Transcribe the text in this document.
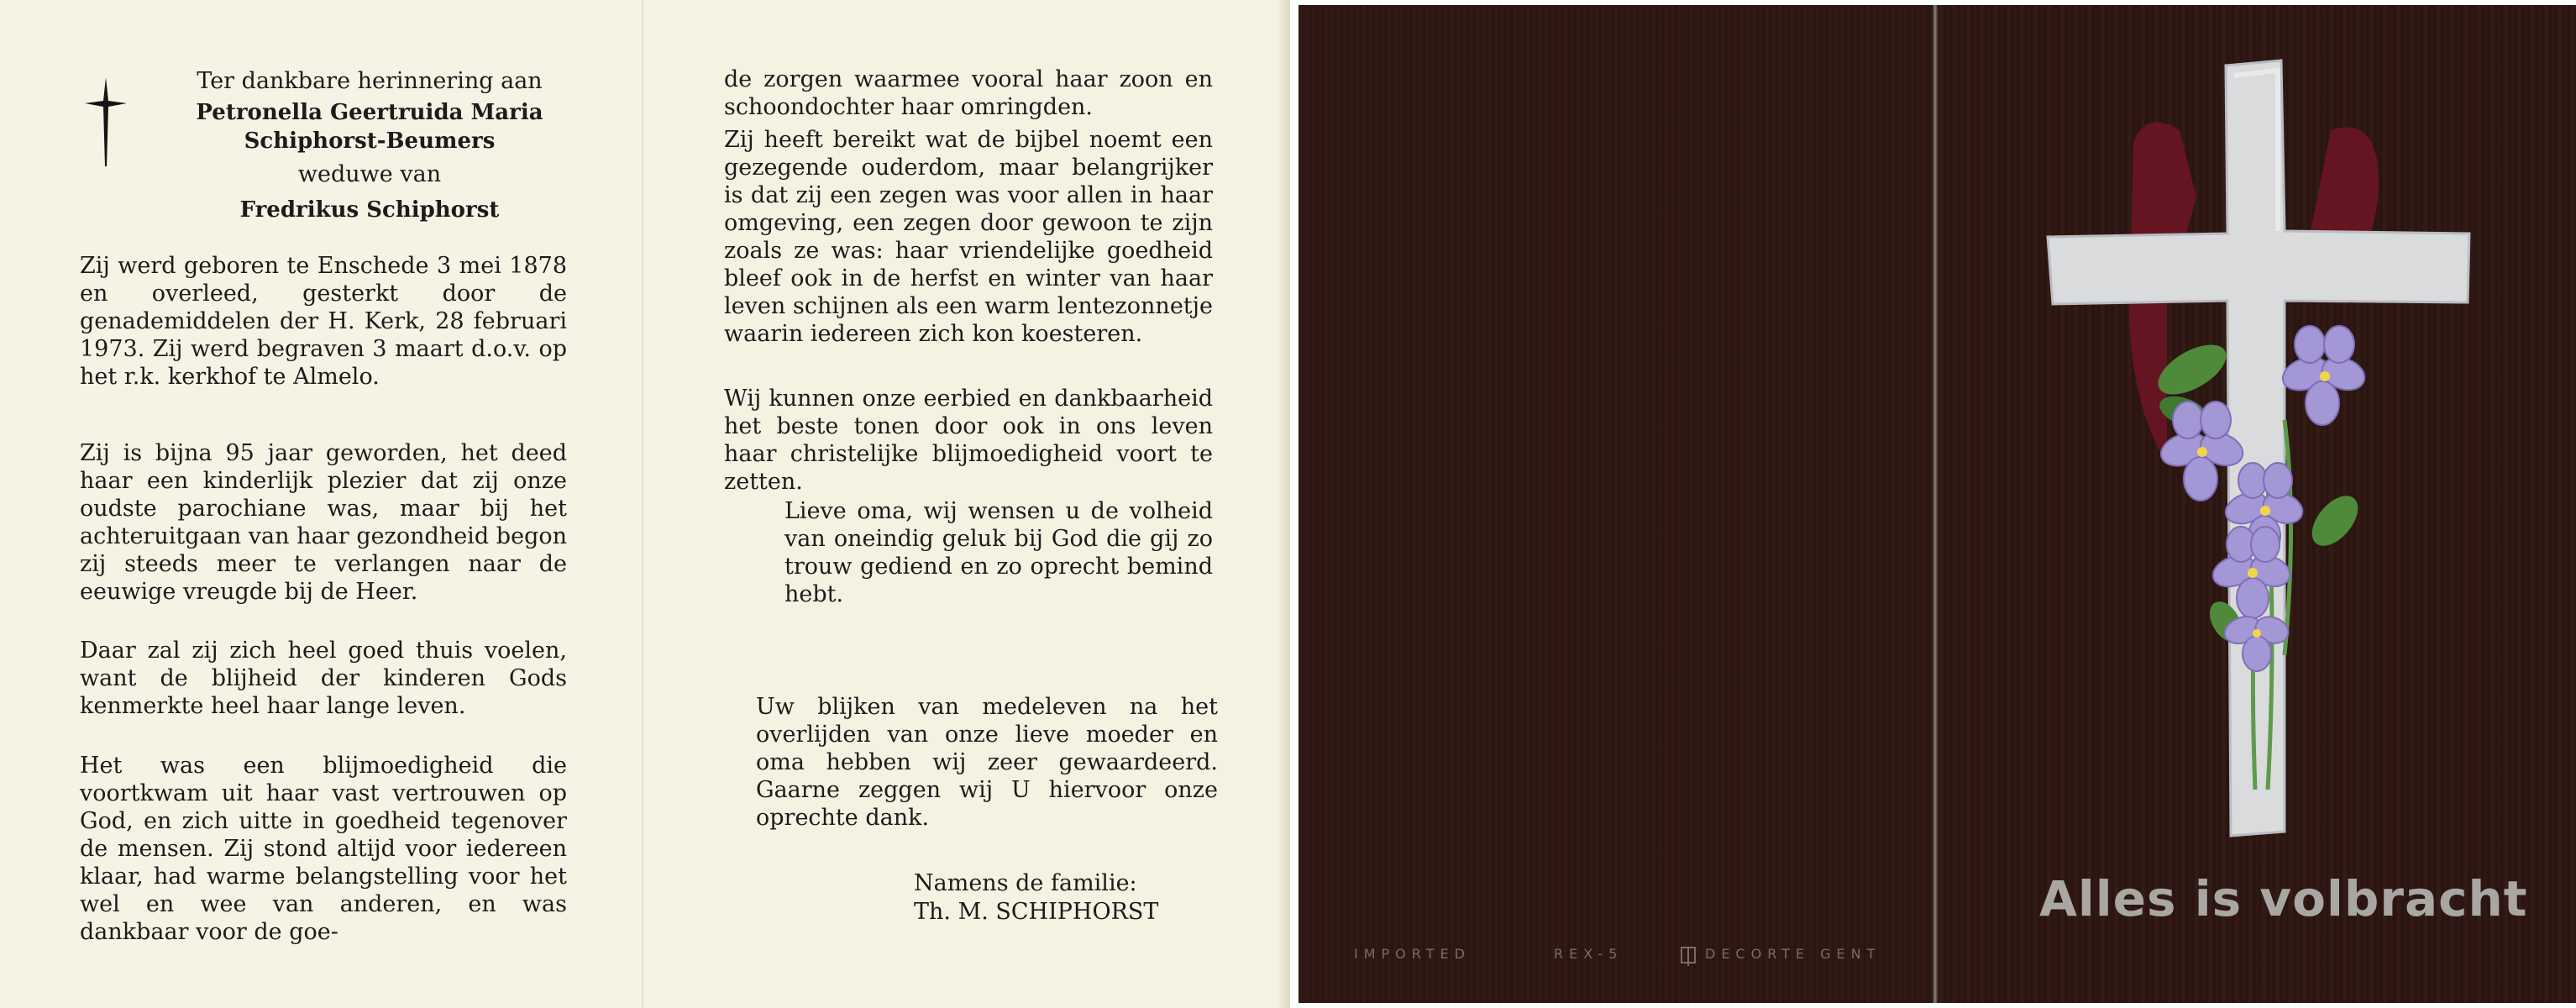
Ter dankbare herinnering aan

Petronella Geertruida Maria

Schiphorst-Beumers

weduwe van

Fredrikus Schiphorst

Zij werd geboren te Enschede 3 mei 1878 en overleed, gesterkt door de genademiddelen der H. Kerk, 28 februari 1973. Zij werd begraven 3 maart d.o.v. op het r.k. kerkhof te Almelo.

Zij is bijna 95 jaar geworden, het deed haar een kinderlijk plezier dat zij onze oudste parochiane was, maar bij het achteruitgaan van haar gezondheid begon zij steeds meer te verlangen naar de eeuwige vreugde bij de Heer.

Daar zal zij zich heel goed thuis voelen, want de blijheid der kinderen Gods kenmerkte heel haar lange leven.

Het was een blijmoedigheid die voortkwam uit haar vast vertrouwen op God, en zich uitte in goedheid tegenover de mensen. Zij stond altijd voor iedereen klaar, had warme belangstelling voor het wel en wee van anderen, en was dankbaar voor de goe-

de zorgen waarmee vooral haar zoon en schoondochter haar omringden.

Zij heeft bereikt wat de bijbel noemt een gezegende ouderdom, maar belangrijker is dat zij een zegen was voor allen in haar omgeving, een zegen door gewoon te zijn zoals ze was: haar vriendelijke goedheid bleef ook in de herfst en winter van haar leven schijnen als een warm lentezonnetje waarin iedereen zich kon koesteren.

Wij kunnen onze eerbied en dankbaarheid het beste tonen door ook in ons leven haar christelijke blijmoedigheid voort te zetten.

Lieve oma, wij wensen u de volheid van oneindig geluk bij God die gij zo trouw gediend en zo oprecht bemind hebt.

Uw blijken van medeleven na het overlijden van onze lieve moeder en oma hebben wij zeer gewaardeerd. Gaarne zeggen wij U hiervoor onze oprechte dank.

Namens de familie:

Th. M. SCHIPHORST

IMPORTED	REX-5	DECORTE GENT
Alles is volbracht
